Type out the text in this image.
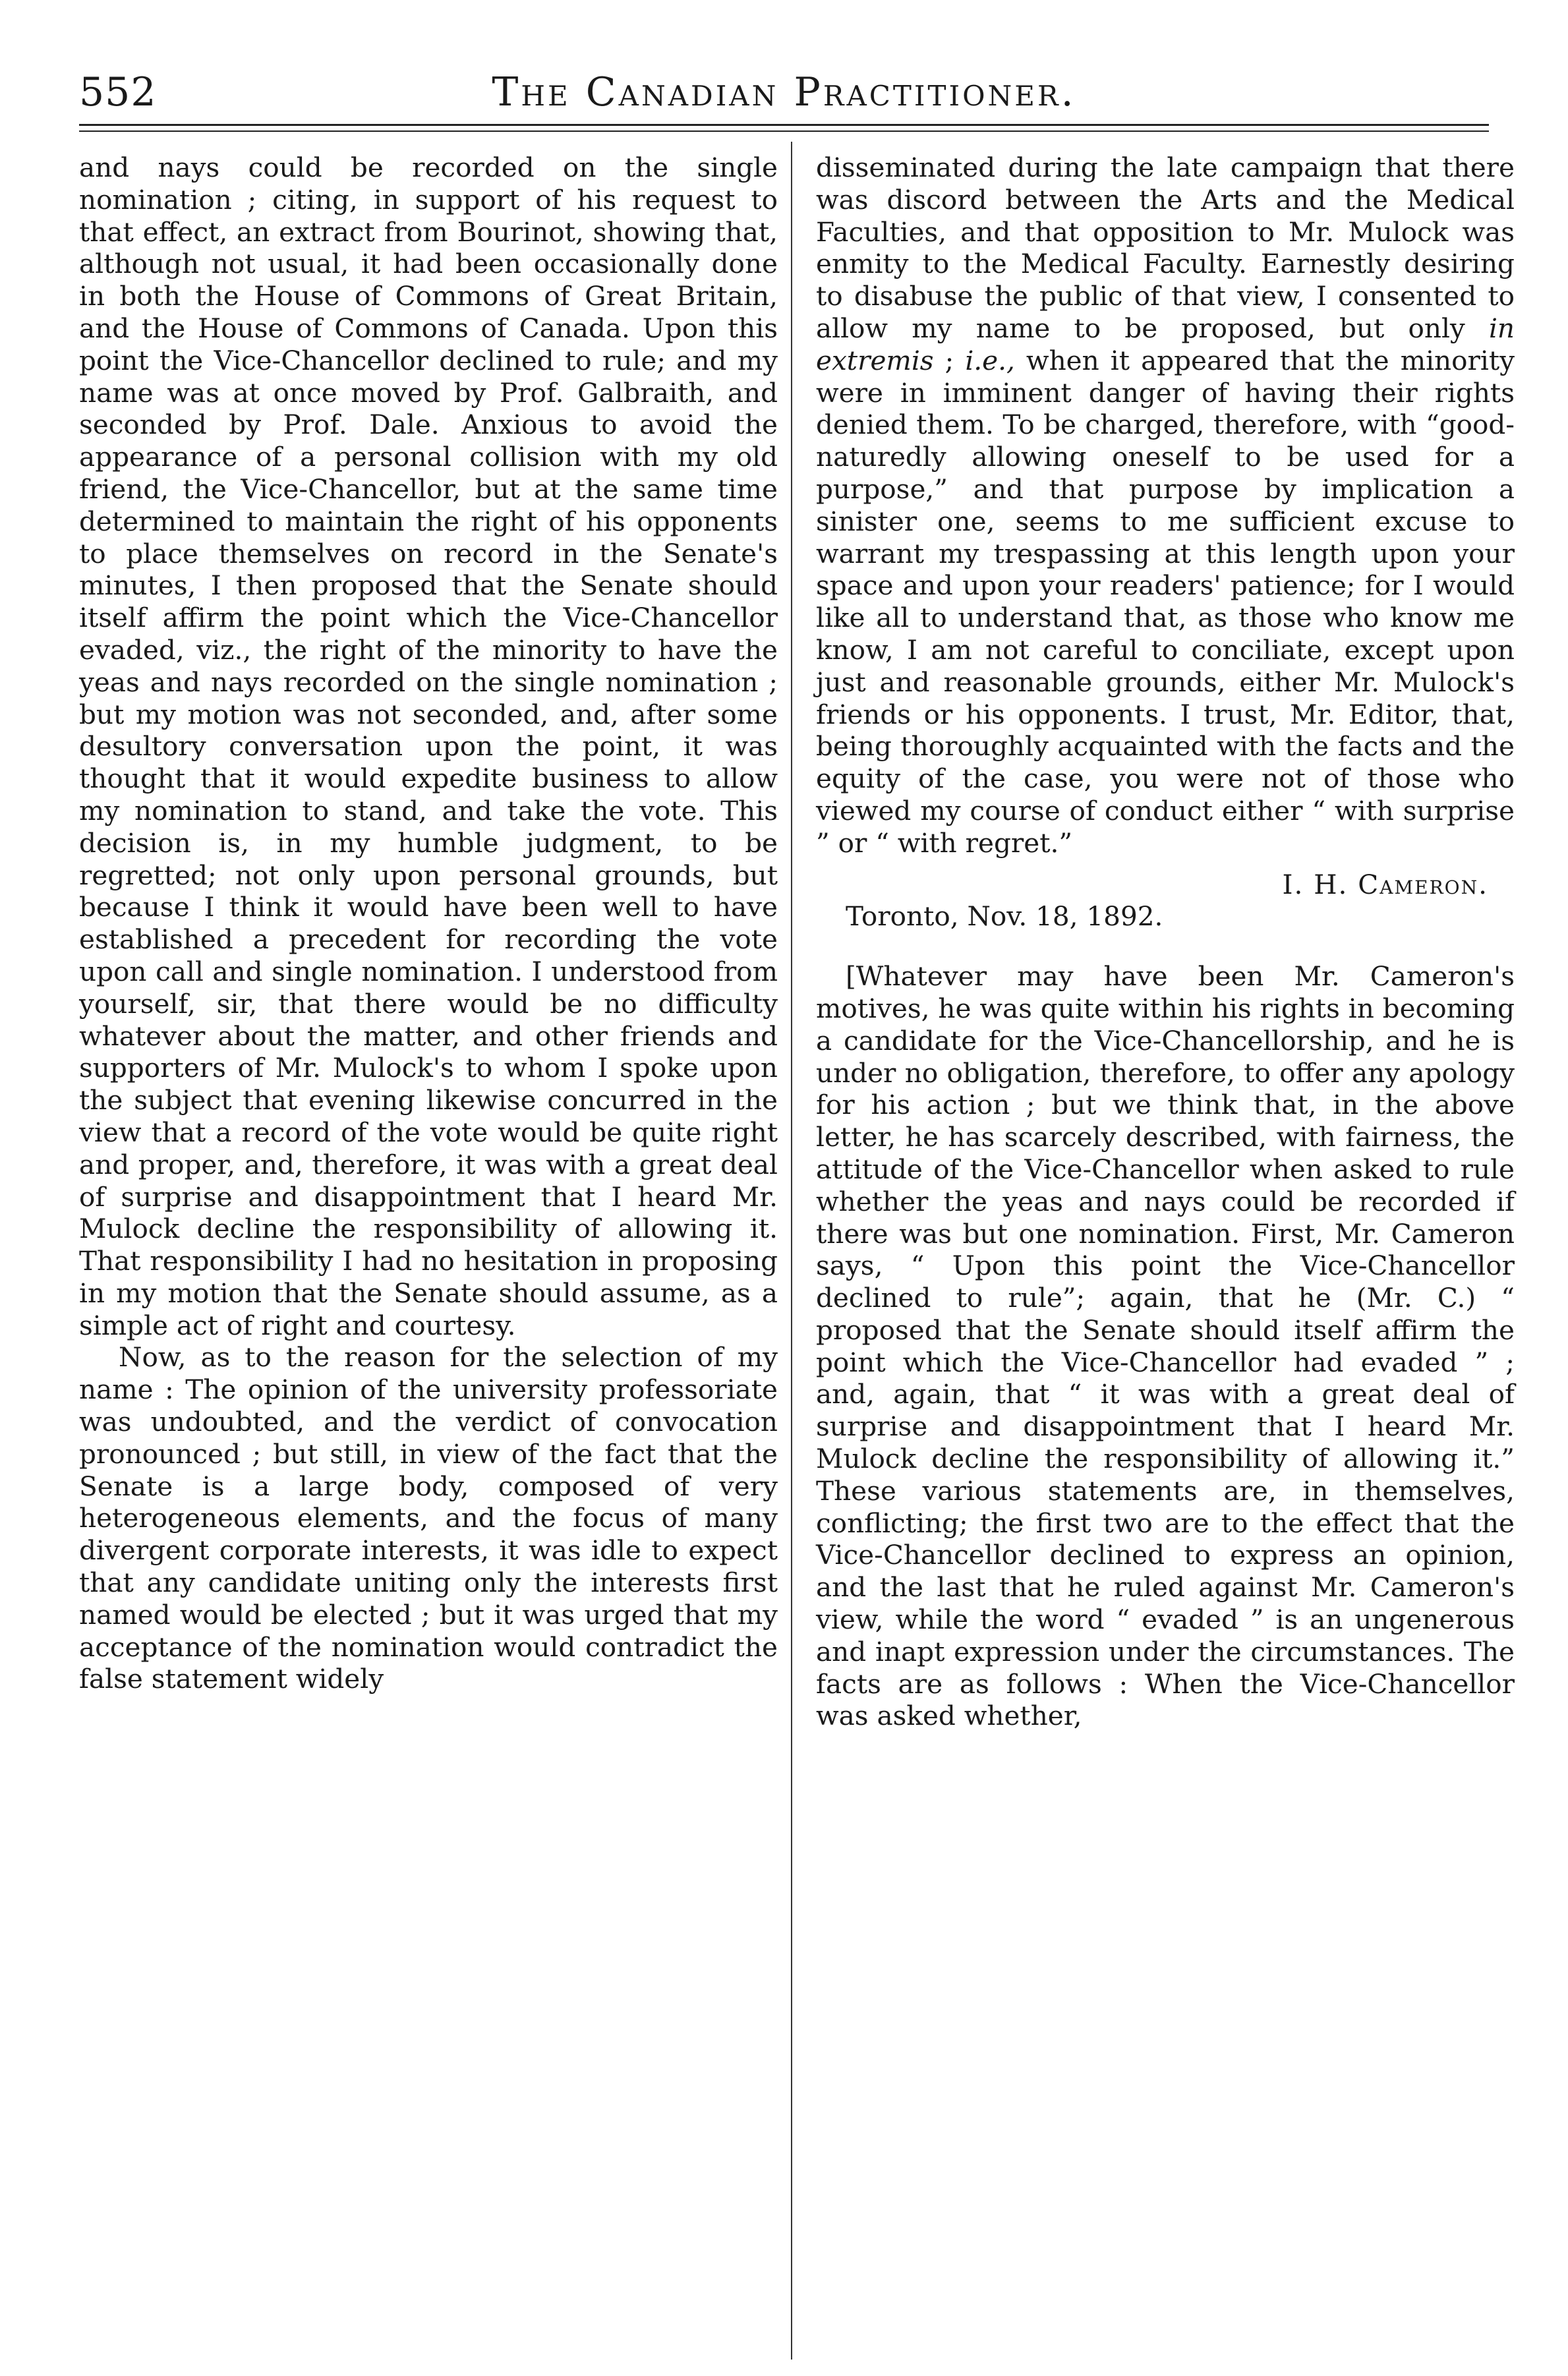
552	The Canadian Practitioner.

and nays could be recorded on the single nomination ; citing, in support of his request to that effect, an extract from Bourinot, showing that, although not usual, it had been occasionally done in both the House of Commons of Great Britain, and the House of Commons of Canada. Upon this point the Vice-Chancellor declined to rule; and my name was at once moved by Prof. Galbraith, and seconded by Prof. Dale. Anxious to avoid the appearance of a personal collision with my old friend, the Vice-Chancellor, but at the same time determined to maintain the right of his opponents to place themselves on record in the Senate's minutes, I then proposed that the Senate should itself affirm the point which the Vice-Chancellor evaded, viz., the right of the minority to have the yeas and nays recorded on the single nomination ; but my motion was not seconded, and, after some desultory conversation upon the point, it was thought that it would expedite business to allow my nomination to stand, and take the vote. This decision is, in my humble judgment, to be regretted; not only upon personal grounds, but because I think it would have been well to have established a precedent for recording the vote upon call and single nomination. I understood from yourself, sir, that there would be no difficulty whatever about the matter, and other friends and supporters of Mr. Mulock's to whom I spoke upon the subject that evening likewise concurred in the view that a record of the vote would be quite right and proper, and, therefore, it was with a great deal of surprise and disappointment that I heard Mr. Mulock decline the responsibility of allowing it. That responsibility I had no hesitation in proposing in my motion that the Senate should assume, as a simple act of right and courtesy.

Now, as to the reason for the selection of my name : The opinion of the university professoriate was undoubted, and the verdict of convocation pronounced ; but still, in view of the fact that the Senate is a large body, composed of very heterogeneous elements, and the focus of many divergent corporate interests, it was idle to expect that any candidate uniting only the interests first named would be elected ; but it was urged that my acceptance of the nomination would contradict the false statement widely

disseminated during the late campaign that there was discord between the Arts and the Medical Faculties, and that opposition to Mr. Mulock was enmity to the Medical Faculty. Earnestly desiring to disabuse the public of that view, I consented to allow my name to be proposed, but only in extremis ; i.e., when it appeared that the minority were in imminent danger of having their rights denied them. To be charged, therefore, with “good-naturedly allowing oneself to be used for a purpose,” and that purpose by implication a sinister one, seems to me sufficient excuse to warrant my trespassing at this length upon your space and upon your readers' patience; for I would like all to understand that, as those who know me know, I am not careful to conciliate, except upon just and reasonable grounds, either Mr. Mulock's friends or his opponents. I trust, Mr. Editor, that, being thoroughly acquainted with the facts and the equity of the case, you were not of those who viewed my course of conduct either “ with surprise ” or “ with regret.”

I. H. Cameron.

Toronto, Nov. 18, 1892.

[Whatever may have been Mr. Cameron's motives, he was quite within his rights in becoming a candidate for the Vice-Chancellorship, and he is under no obligation, therefore, to offer any apology for his action ; but we think that, in the above letter, he has scarcely described, with fairness, the attitude of the Vice-Chancellor when asked to rule whether the yeas and nays could be recorded if there was but one nomination. First, Mr. Cameron says, “ Upon this point the Vice-Chancellor declined to rule”; again, that he (Mr. C.) “ proposed that the Senate should itself affirm the point which the Vice-Chancellor had evaded ” ; and, again, that “ it was with a great deal of surprise and disappointment that I heard Mr. Mulock decline the responsibility of allowing it.” These various statements are, in themselves, conflicting; the first two are to the effect that the Vice-Chancellor declined to express an opinion, and the last that he ruled against Mr. Cameron's view, while the word “ evaded ” is an ungenerous and inapt expression under the circumstances. The facts are as follows : When the Vice-Chancellor was asked whether,
